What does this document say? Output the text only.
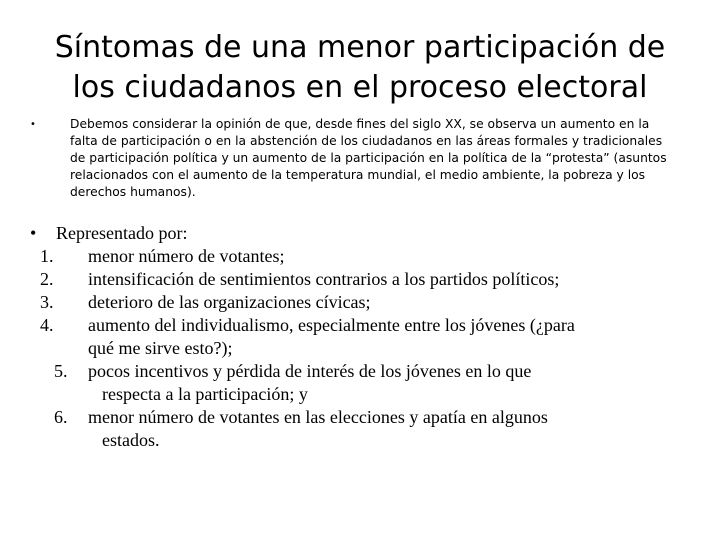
Síntomas de una menor participación de los ciudadanos en el proceso electoral
•	Debemos considerar la opinión de que, desde fines del siglo XX, se observa un aumento en la falta de participación o en la abstención de los ciudadanos en las áreas formales y tradicionales de participación política y un aumento de la participación en la política de la “protesta” (asuntos relacionados con el aumento de la temperatura mundial, el medio ambiente, la pobreza y los derechos humanos).
• Representado por:
1.	menor número de votantes;
2.	intensificación de sentimientos contrarios a los partidos políticos;
3.	deterioro de las organizaciones cívicas;
4.	aumento del individualismo, especialmente entre los jóvenes (¿para
qué me sirve esto?);
5.	pocos incentivos y pérdida de interés de los jóvenes en lo que
respecta a la participación; y
6.	menor número de votantes en las elecciones y apatía en algunos
estados.
